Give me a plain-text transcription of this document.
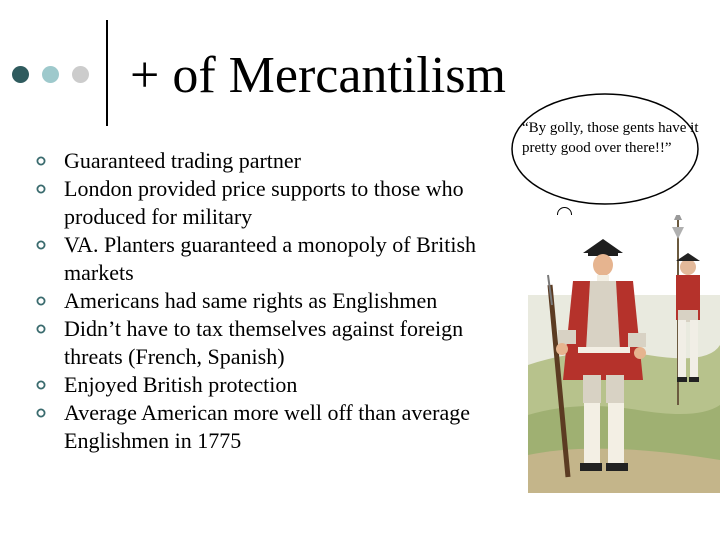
+ of Mercantilism
Guaranteed trading partner
London provided price supports to those who produced for military
VA. Planters guaranteed a monopoly of British markets
Americans had same rights as Englishmen
Didn’t have to tax themselves against foreign threats (French, Spanish)
Enjoyed British protection
Average American more well off than average Englishmen in 1775
“By golly, those gents have it pretty good over there!!”
